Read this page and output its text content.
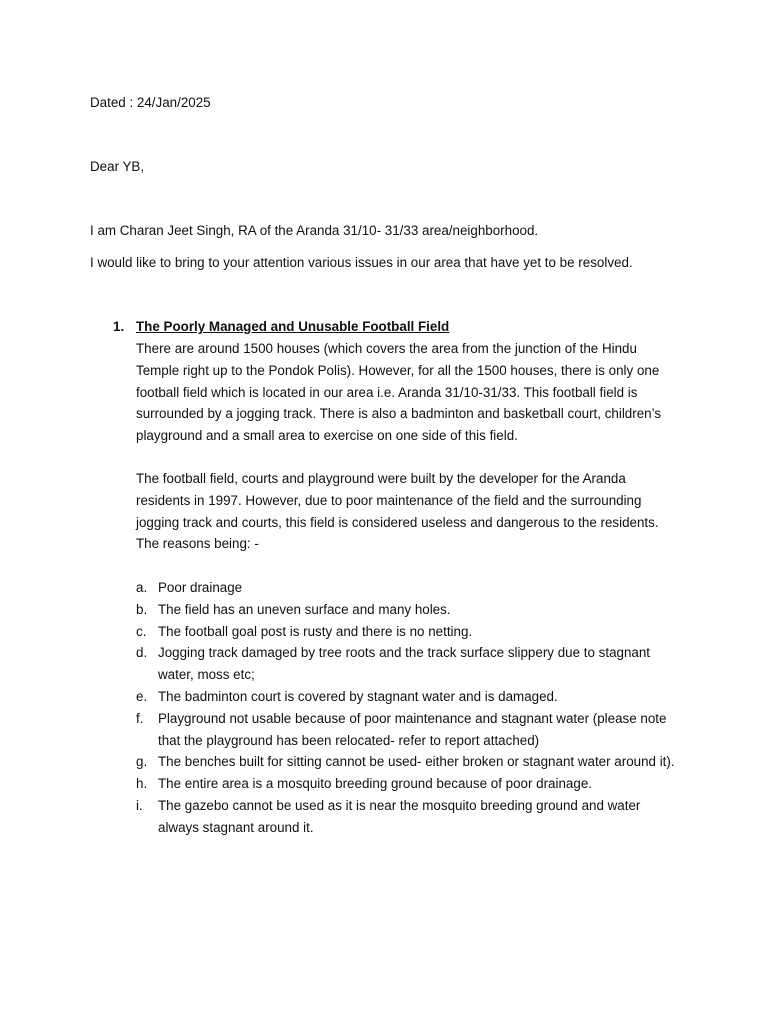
Dated : 24/Jan/2025
Dear YB,
I am Charan Jeet Singh, RA of the Aranda 31/10- 31/33 area/neighborhood.
I would like to bring to your attention various issues in our area that have yet to be resolved.
1. The Poorly Managed and Unusable Football Field
There are around 1500 houses (which covers the area from the junction of the Hindu Temple right up to the Pondok Polis). However, for all the 1500 houses, there is only one football field which is located in our area i.e. Aranda 31/10-31/33. This football field is surrounded by a jogging track. There is also a badminton and basketball court, children’s playground and a small area to exercise on one side of this field.
The football field, courts and playground were built by the developer for the Aranda residents in 1997. However, due to poor maintenance of the field and the surrounding jogging track and courts, this field is considered useless and dangerous to the residents. The reasons being: -
a. Poor drainage
b. The field has an uneven surface and many holes.
c. The football goal post is rusty and there is no netting.
d. Jogging track damaged by tree roots and the track surface slippery due to stagnant water, moss etc;
e. The badminton court is covered by stagnant water and is damaged.
f. Playground not usable because of poor maintenance and stagnant water (please note that the playground has been relocated- refer to report attached)
g. The benches built for sitting cannot be used- either broken or stagnant water around it).
h. The entire area is a mosquito breeding ground because of poor drainage.
i. The gazebo cannot be used as it is near the mosquito breeding ground and water always stagnant around it.
